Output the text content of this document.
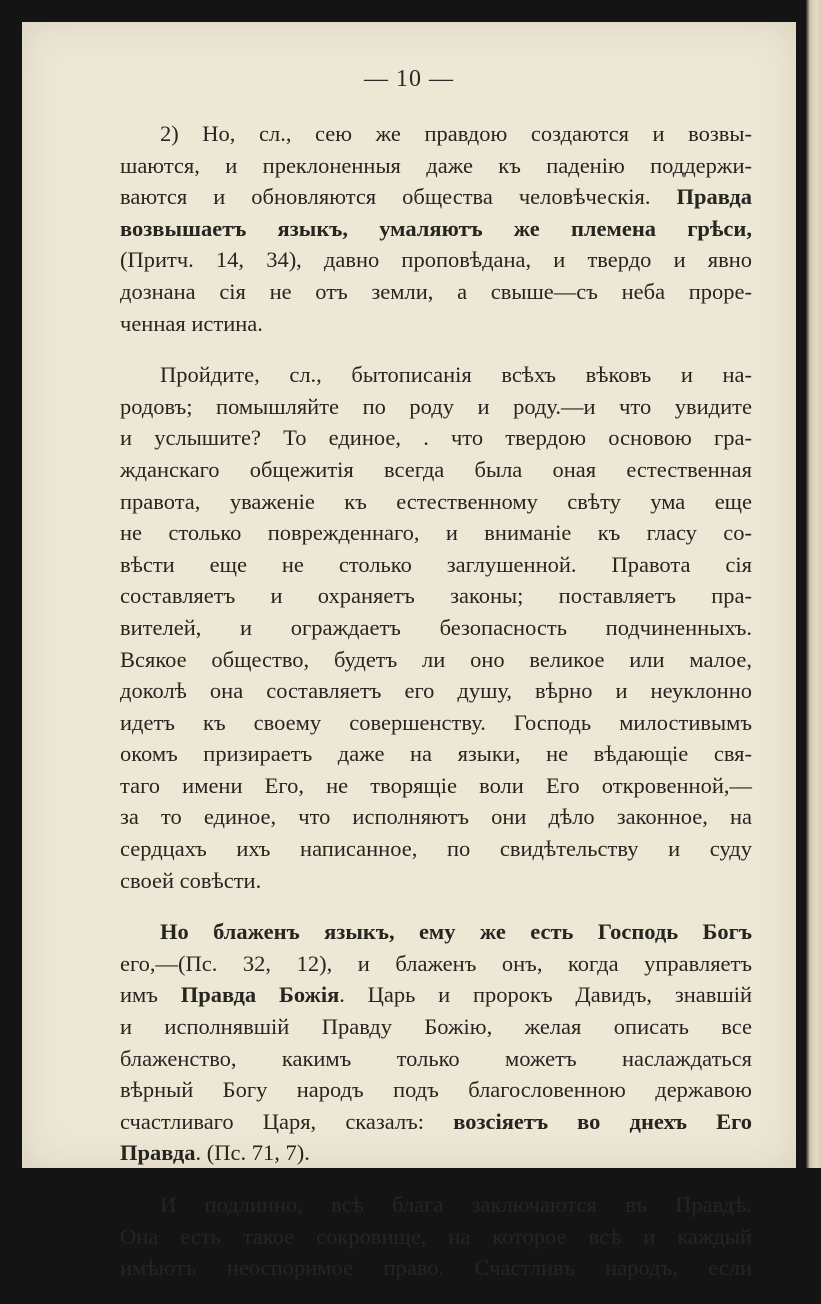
— 10 —
2) Но, сл., сею же правдою создаются и возвы-
шаются, и преклоненныя даже къ паденію поддержи-
ваются и обновляются общества человѣческія. Правда
возвышаетъ языкъ, умаляютъ же племена грѣси,
(Притч. 14, 34), давно проповѣдана, и твердо и явно
дознана сія не отъ земли, а свыше—съ неба проре-
ченная истина.
Пройдите, сл., бытописанія всѣхъ вѣковъ и на-
родовъ; помышляйте по роду и роду.—и что увидите
и услышите? То единое, . что твердою основою гра-
жданскаго общежитія всегда была оная естественная
правота, уваженіе къ естественному свѣту ума еще
не столько поврежденнаго, и вниманіе къ гласу со-
вѣсти еще не столько заглушенной. Правота сія
составляетъ и охраняетъ законы; поставляетъ пра-
вителей, и ограждаетъ безопасность подчиненныхъ.
Всякое общество, будетъ ли оно великое или малое,
доколѣ она составляетъ его душу, вѣрно и неуклонно
идетъ къ своему совершенству. Господь милостивымъ
окомъ призираетъ даже на языки, не вѣдающіе свя-
таго имени Его, не творящіе воли Его откровенной,—
за то единое, что исполняютъ они дѣло законное, на
сердцахъ ихъ написанное, по свидѣтельству и суду
своей совѣсти.
Но блаженъ языкъ, ему же есть Господь Богъ
его,—(Пс. 32, 12), и блаженъ онъ, когда управляетъ
имъ Правда Божія. Царь и пророкъ Давидъ, знавшій
и исполнявшій Правду Божію, желая описать все
блаженство, какимъ только можетъ наслаждаться
вѣрный Богу народъ подъ благословенною державою
счастливаго Царя, сказалъ: возсіяетъ во днехъ Его
Правда. (Пс. 71, 7).
И подлинно, всѣ блага заключаются въ Правдѣ.
Она есть такое сокровище, на которое всѣ и каждый
имѣютъ неоспоримое право. Счастливъ народъ, если
